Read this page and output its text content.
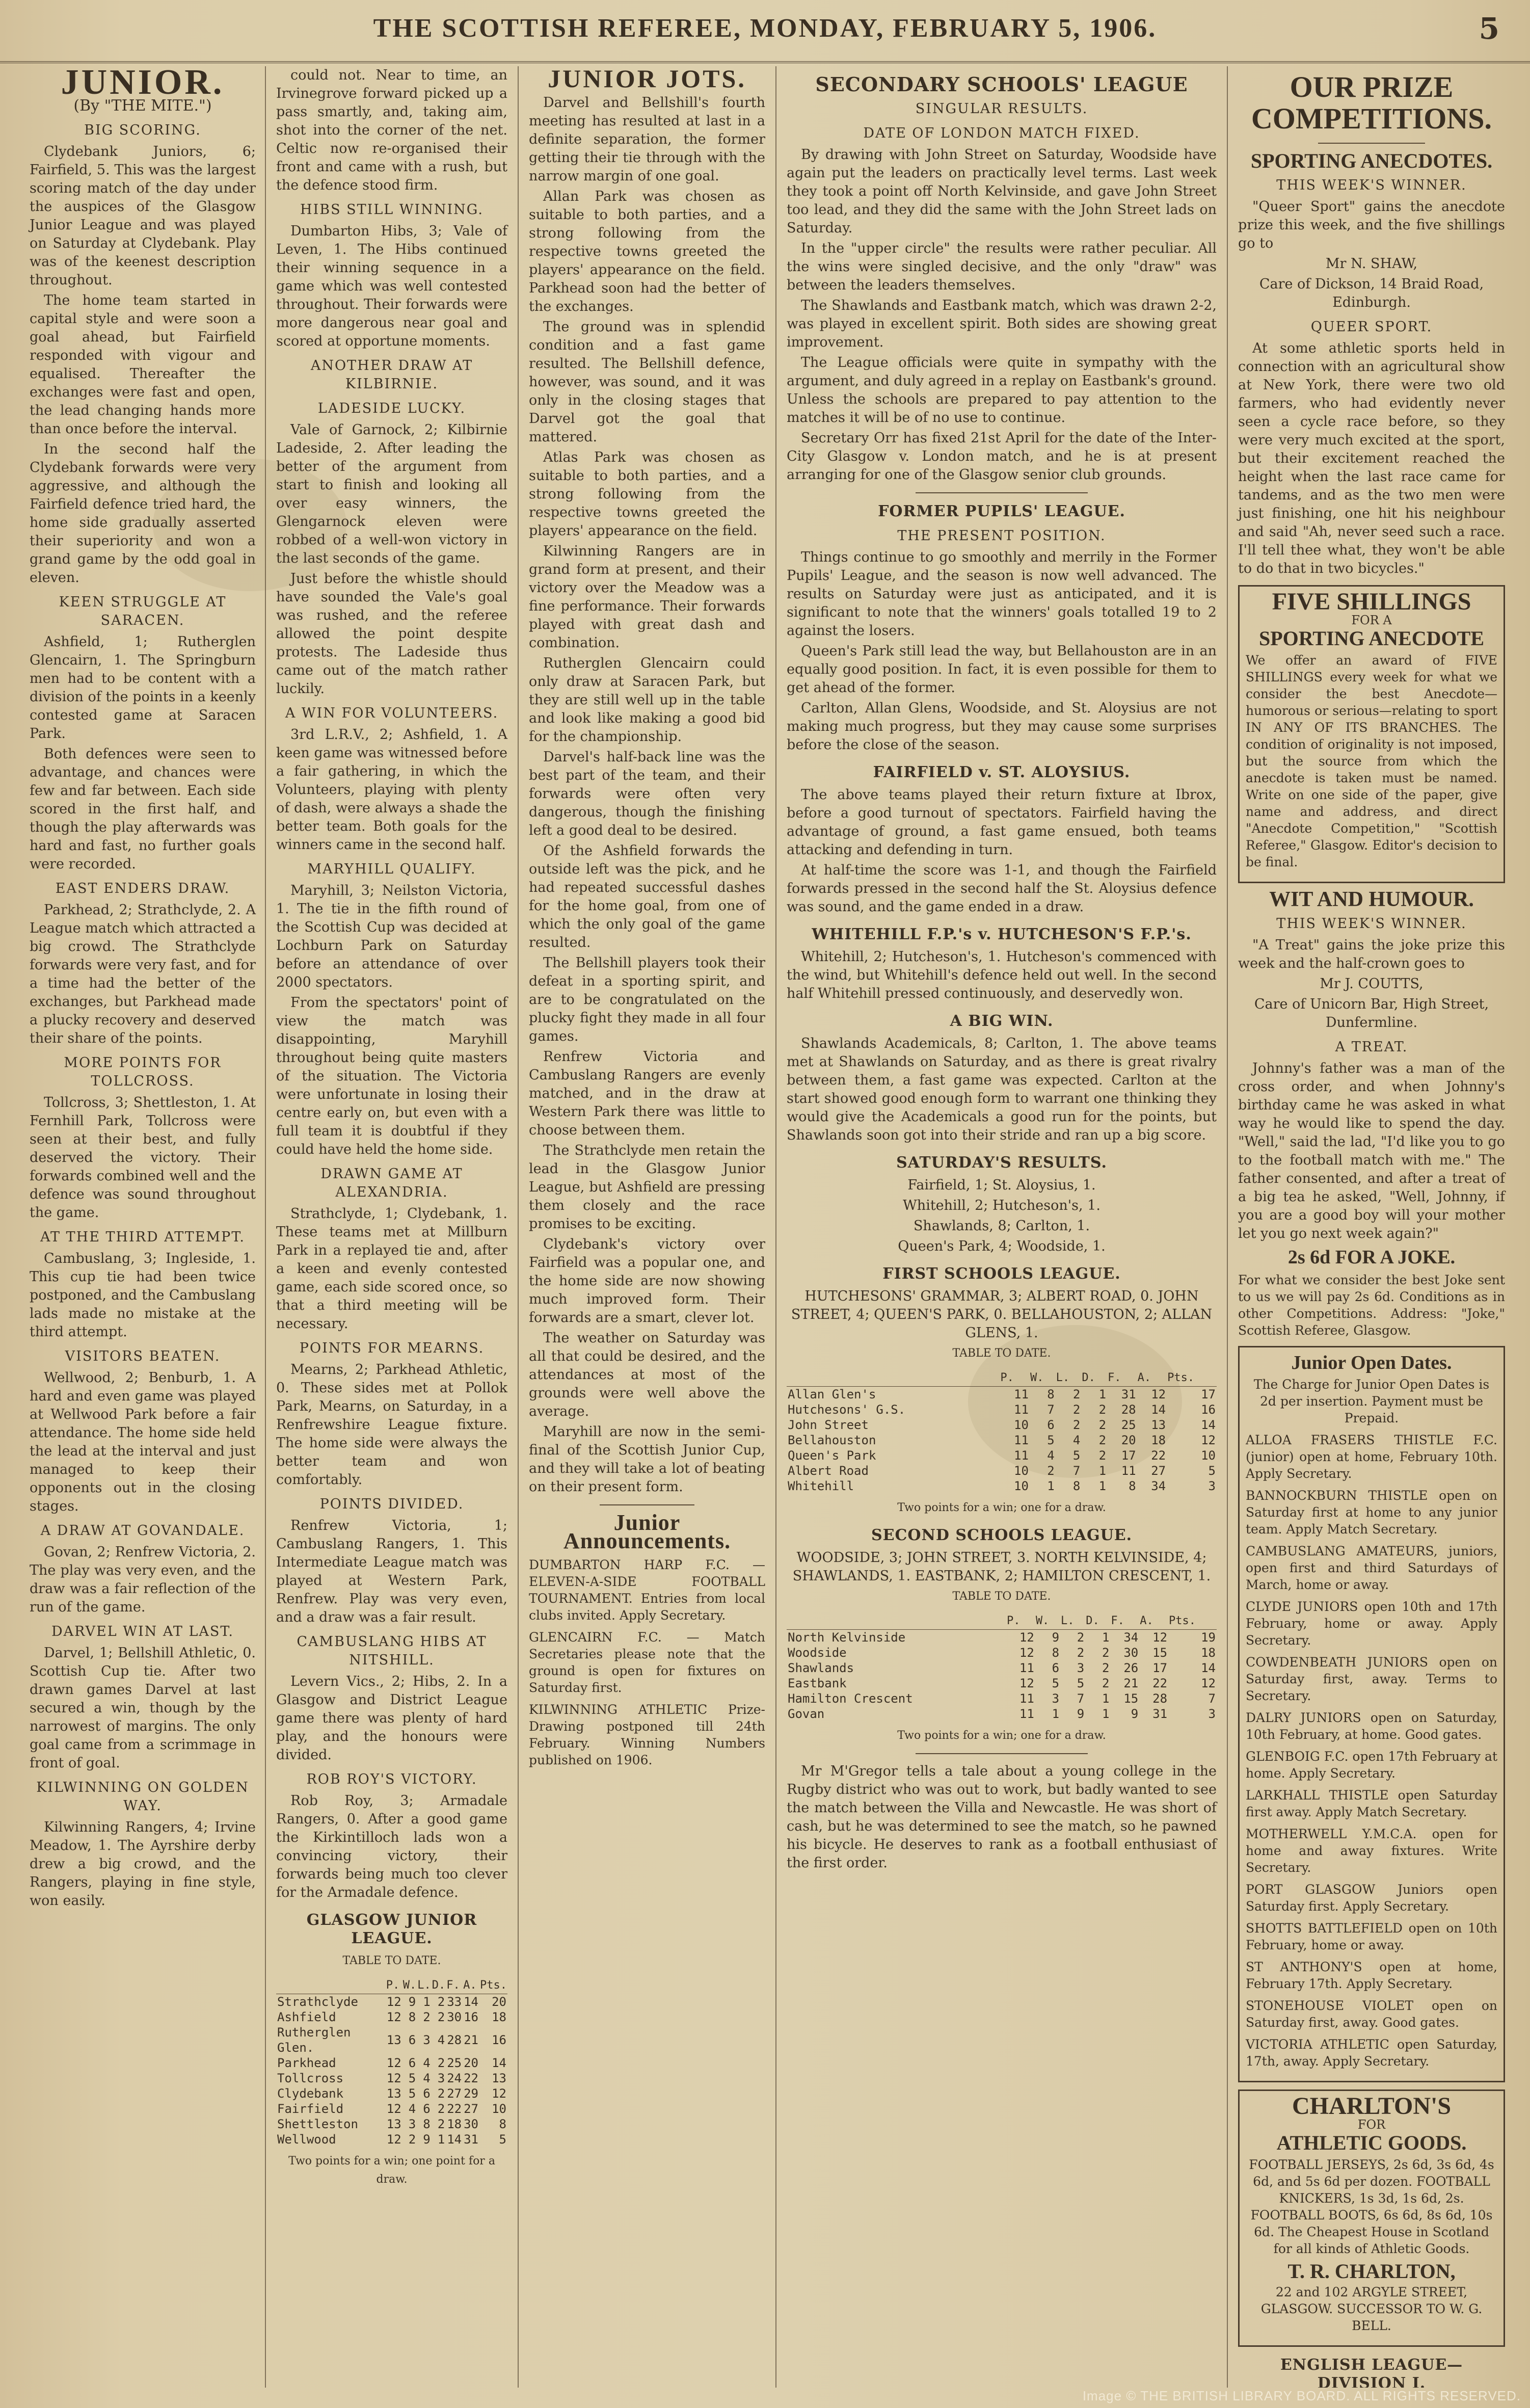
THE SCOTTISH REFEREE, MONDAY, FEBRUARY 5, 1906.	5
JUNIOR.
(By "THE MITE.")
BIG SCORING.

Clydebank Juniors, 6; Fairfield, 5. This was the largest scoring match of the day under the auspices of the Glasgow Junior League and was played on Saturday at Clydebank. Play was of the keenest description throughout.

The home team started in capital style and were soon a goal ahead, but Fairfield responded with vigour and equalised. Thereafter the exchanges were fast and open, the lead changing hands more than once before the interval.

In the second half the Clydebank forwards were very aggressive, and although the Fairfield defence tried hard, the home side gradually asserted their superiority and won a grand game by the odd goal in eleven.

KEEN STRUGGLE AT SARACEN.

Ashfield, 1; Rutherglen Glencairn, 1. The Springburn men had to be content with a division of the points in a keenly contested game at Saracen Park.

Both defences were seen to advantage, and chances were few and far between. Each side scored in the first half, and though the play afterwards was hard and fast, no further goals were recorded.

EAST ENDERS DRAW.

Parkhead, 2; Strathclyde, 2. A League match which attracted a big crowd. The Strathclyde forwards were very fast, and for a time had the better of the exchanges, but Parkhead made a plucky recovery and deserved their share of the points.

MORE POINTS FOR TOLLCROSS.

Tollcross, 3; Shettleston, 1. At Fernhill Park, Tollcross were seen at their best, and fully deserved the victory. Their forwards combined well and the defence was sound throughout the game.

AT THE THIRD ATTEMPT.

Cambuslang, 3; Ingleside, 1. This cup tie had been twice postponed, and the Cambuslang lads made no mistake at the third attempt.

VISITORS BEATEN.

Wellwood, 2; Benburb, 1. A hard and even game was played at Wellwood Park before a fair attendance. The home side held the lead at the interval and just managed to keep their opponents out in the closing stages.

A DRAW AT GOVANDALE.

Govan, 2; Renfrew Victoria, 2. The play was very even, and the draw was a fair reflection of the run of the game.

DARVEL WIN AT LAST.

Darvel, 1; Bellshill Athletic, 0. Scottish Cup tie. After two drawn games Darvel at last secured a win, though by the narrowest of margins. The only goal came from a scrimmage in front of goal.

KILWINNING ON GOLDEN WAY.

Kilwinning Rangers, 4; Irvine Meadow, 1. The Ayrshire derby drew a big crowd, and the Rangers, playing in fine style, won easily.

could not. Near to time, an Irvinegrove forward picked up a pass smartly, and, taking aim, shot into the corner of the net. Celtic now re-organised their front and came with a rush, but the defence stood firm.

HIBS STILL WINNING.

Dumbarton Hibs, 3; Vale of Leven, 1. The Hibs continued their winning sequence in a game which was well contested throughout. Their forwards were more dangerous near goal and scored at opportune moments.

ANOTHER DRAW AT KILBIRNIE.
LADESIDE LUCKY.

Vale of Garnock, 2; Kilbirnie Ladeside, 2. After leading the better of the argument from start to finish and looking all over easy winners, the Glengarnock eleven were robbed of a well-won victory in the last seconds of the game.

Just before the whistle should have sounded the Vale's goal was rushed, and the referee allowed the point despite protests. The Ladeside thus came out of the match rather luckily.

A WIN FOR VOLUNTEERS.

3rd L.R.V., 2; Ashfield, 1. A keen game was witnessed before a fair gathering, in which the Volunteers, playing with plenty of dash, were always a shade the better team. Both goals for the winners came in the second half.

MARYHILL QUALIFY.

Maryhill, 3; Neilston Victoria, 1. The tie in the fifth round of the Scottish Cup was decided at Lochburn Park on Saturday before an attendance of over 2000 spectators.

From the spectators' point of view the match was disappointing, Maryhill throughout being quite masters of the situation. The Victoria were unfortunate in losing their centre early on, but even with a full team it is doubtful if they could have held the home side.

DRAWN GAME AT ALEXANDRIA.

Strathclyde, 1; Clydebank, 1. These teams met at Millburn Park in a replayed tie and, after a keen and evenly contested game, each side scored once, so that a third meeting will be necessary.

POINTS FOR MEARNS.

Mearns, 2; Parkhead Athletic, 0. These sides met at Pollok Park, Mearns, on Saturday, in a Renfrewshire League fixture. The home side were always the better team and won comfortably.

POINTS DIVIDED.

Renfrew Victoria, 1; Cambuslang Rangers, 1. This Intermediate League match was played at Western Park, Renfrew. Play was very even, and a draw was a fair result.

CAMBUSLANG HIBS AT NITSHILL.

Levern Vics., 2; Hibs, 2. In a Glasgow and District League game there was plenty of hard play, and the honours were divided.

ROB ROY'S VICTORY.

Rob Roy, 3; Armadale Rangers, 0. After a good game the Kirkintilloch lads won a convincing victory, their forwards being much too clever for the Armadale defence.

GLASGOW JUNIOR LEAGUE.
TABLE TO DATE.
	P.	W.	L.	D.	F.	A.	Pts.
Strathclyde	12	9	1	2	33	14	20
Ashfield	12	8	2	2	30	16	18
Rutherglen Glen.	13	6	3	4	28	21	16
Parkhead	12	6	4	2	25	20	14
Tollcross	12	5	4	3	24	22	13
Clydebank	13	5	6	2	27	29	12
Fairfield	12	4	6	2	22	27	10
Shettleston	13	3	8	2	18	30	8
Wellwood	12	2	9	1	14	31	5
Two points for a win; one point for a draw.
JUNIOR JOTS.

Darvel and Bellshill's fourth meeting has resulted at last in a definite separation, the former getting their tie through with the narrow margin of one goal.

Allan Park was chosen as suitable to both parties, and a strong following from the respective towns greeted the players' appearance on the field. Parkhead soon had the better of the exchanges.

The ground was in splendid condition and a fast game resulted. The Bellshill defence, however, was sound, and it was only in the closing stages that Darvel got the goal that mattered.

Atlas Park was chosen as suitable to both parties, and a strong following from the respective towns greeted the players' appearance on the field.

Kilwinning Rangers are in grand form at present, and their victory over the Meadow was a fine performance. Their forwards played with great dash and combination.

Rutherglen Glencairn could only draw at Saracen Park, but they are still well up in the table and look like making a good bid for the championship.

Darvel's half-back line was the best part of the team, and their forwards were often very dangerous, though the finishing left a good deal to be desired.

Of the Ashfield forwards the outside left was the pick, and he had repeated successful dashes for the home goal, from one of which the only goal of the game resulted.

The Bellshill players took their defeat in a sporting spirit, and are to be congratulated on the plucky fight they made in all four games.

Renfrew Victoria and Cambuslang Rangers are evenly matched, and in the draw at Western Park there was little to choose between them.

The Strathclyde men retain the lead in the Glasgow Junior League, but Ashfield are pressing them closely and the race promises to be exciting.

Clydebank's victory over Fairfield was a popular one, and the home side are now showing much improved form. Their forwards are a smart, clever lot.

The weather on Saturday was all that could be desired, and the attendances at most of the grounds were well above the average.

Maryhill are now in the semi-final of the Scottish Junior Cup, and they will take a lot of beating on their present form.

Junior Announcements.

DUMBARTON HARP F.C. — ELEVEN-A-SIDE FOOTBALL TOURNAMENT. Entries from local clubs invited. Apply Secretary.

GLENCAIRN F.C. — Match Secretaries please note that the ground is open for fixtures on Saturday first.

KILWINNING ATHLETIC Prize-Drawing postponed till 24th February. Winning Numbers published on 1906.

SECONDARY SCHOOLS' LEAGUE
SINGULAR RESULTS.
DATE OF LONDON MATCH FIXED.

By drawing with John Street on Saturday, Woodside have again put the leaders on practically level terms. Last week they took a point off North Kelvinside, and gave John Street too lead, and they did the same with the John Street lads on Saturday.

In the "upper circle" the results were rather peculiar. All the wins were singled decisive, and the only "draw" was between the leaders themselves.

The Shawlands and Eastbank match, which was drawn 2-2, was played in excellent spirit. Both sides are showing great improvement.

The League officials were quite in sympathy with the argument, and duly agreed in a replay on Eastbank's ground. Unless the schools are prepared to pay attention to the matches it will be of no use to continue.

Secretary Orr has fixed 21st April for the date of the Inter-City Glasgow v. London match, and he is at present arranging for one of the Glasgow senior club grounds.

FORMER PUPILS' LEAGUE.
THE PRESENT POSITION.

Things continue to go smoothly and merrily in the Former Pupils' League, and the season is now well advanced. The results on Saturday were just as anticipated, and it is significant to note that the winners' goals totalled 19 to 2 against the losers.

Queen's Park still lead the way, but Bellahouston are in an equally good position. In fact, it is even possible for them to get ahead of the former.

Carlton, Allan Glens, Woodside, and St. Aloysius are not making much progress, but they may cause some surprises before the close of the season.

FAIRFIELD v. ST. ALOYSIUS.

The above teams played their return fixture at Ibrox, before a good turnout of spectators. Fairfield having the advantage of ground, a fast game ensued, both teams attacking and defending in turn.

At half-time the score was 1-1, and though the Fairfield forwards pressed in the second half the St. Aloysius defence was sound, and the game ended in a draw.

WHITEHILL F.P.'s v. HUTCHESON'S F.P.'s.

Whitehill, 2; Hutcheson's, 1. Hutcheson's commenced with the wind, but Whitehill's defence held out well. In the second half Whitehill pressed continuously, and deservedly won.

A BIG WIN.

Shawlands Academicals, 8; Carlton, 1. The above teams met at Shawlands on Saturday, and as there is great rivalry between them, a fast game was expected. Carlton at the start showed good enough form to warrant one thinking they would give the Academicals a good run for the points, but Shawlands soon got into their stride and ran up a big score.

SATURDAY'S RESULTS.

Fairfield, 1; St. Aloysius, 1.

Whitehill, 2; Hutcheson's, 1.

Shawlands, 8; Carlton, 1.

Queen's Park, 4; Woodside, 1.

FIRST SCHOOLS LEAGUE.

HUTCHESONS' GRAMMAR, 3; ALBERT ROAD, 0. JOHN STREET, 4; QUEEN'S PARK, 0. BELLAHOUSTON, 2; ALLAN GLENS, 1.

TABLE TO DATE.
	P.	W.	L.	D.	F.	A.	Pts.
Allan Glen's	11	8	2	1	31	12	17
Hutchesons' G.S.	11	7	2	2	28	14	16
John Street	10	6	2	2	25	13	14
Bellahouston	11	5	4	2	20	18	12
Queen's Park	11	4	5	2	17	22	10
Albert Road	10	2	7	1	11	27	5
Whitehill	10	1	8	1	8	34	3
Two points for a win; one for a draw.
SECOND SCHOOLS LEAGUE.

WOODSIDE, 3; JOHN STREET, 3. NORTH KELVINSIDE, 4; SHAWLANDS, 1. EASTBANK, 2; HAMILTON CRESCENT, 1.

TABLE TO DATE.
	P.	W.	L.	D.	F.	A.	Pts.
North Kelvinside	12	9	2	1	34	12	19
Woodside	12	8	2	2	30	15	18
Shawlands	11	6	3	2	26	17	14
Eastbank	12	5	5	2	21	22	12
Hamilton Crescent	11	3	7	1	15	28	7
Govan	11	1	9	1	9	31	3
Two points for a win; one for a draw.

Mr M'Gregor tells a tale about a young college in the Rugby district who was out to work, but badly wanted to see the match between the Villa and Newcastle. He was short of cash, but he was determined to see the match, so he pawned his bicycle. He deserves to rank as a football enthusiast of the first order.

OUR PRIZE COMPETITIONS.
SPORTING ANECDOTES.
THIS WEEK'S WINNER.

"Queer Sport" gains the anecdote prize this week, and the five shillings go to

Mr N. SHAW,

Care of Dickson, 14 Braid Road, Edinburgh.

QUEER SPORT.

At some athletic sports held in connection with an agricultural show at New York, there were two old farmers, who had evidently never seen a cycle race before, so they were very much excited at the sport, but their excitement reached the height when the last race came for tandems, and as the two men were just finishing, one hit his neighbour and said "Ah, never seed such a race. I'll tell thee what, they won't be able to do that in two bicycles."

FIVE SHILLINGS
FOR A
SPORTING ANECDOTE

We offer an award of FIVE SHILLINGS every week for what we consider the best Anecdote—humorous or serious—relating to sport IN ANY OF ITS BRANCHES. The condition of originality is not imposed, but the source from which the anecdote is taken must be named. Write on one side of the paper, give name and address, and direct "Anecdote Competition," "Scottish Referee," Glasgow. Editor's decision to be final.

WIT AND HUMOUR.
THIS WEEK'S WINNER.

"A Treat" gains the joke prize this week and the half-crown goes to

Mr J. COUTTS,

Care of Unicorn Bar, High Street, Dunfermline.

A TREAT.

Johnny's father was a man of the cross order, and when Johnny's birthday came he was asked in what way he would like to spend the day. "Well," said the lad, "I'd like you to go to the football match with me." The father consented, and after a treat of a big tea he asked, "Well, Johnny, if you are a good boy will your mother let you go next week again?"

2s 6d FOR A JOKE.

For what we consider the best Joke sent to us we will pay 2s 6d. Conditions as in other Competitions. Address: "Joke," Scottish Referee, Glasgow.

Junior Open Dates.

The Charge for Junior Open Dates is 2d per insertion. Payment must be Prepaid.

ALLOA FRASERS THISTLE F.C. (junior) open at home, February 10th. Apply Secretary.

BANNOCKBURN THISTLE open on Saturday first at home to any junior team. Apply Match Secretary.

CAMBUSLANG AMATEURS, juniors, open first and third Saturdays of March, home or away.

CLYDE JUNIORS open 10th and 17th February, home or away. Apply Secretary.

COWDENBEATH JUNIORS open on Saturday first, away. Terms to Secretary.

DALRY JUNIORS open on Saturday, 10th February, at home. Good gates.

GLENBOIG F.C. open 17th February at home. Apply Secretary.

LARKHALL THISTLE open Saturday first away. Apply Match Secretary.

MOTHERWELL Y.M.C.A. open for home and away fixtures. Write Secretary.

PORT GLASGOW Juniors open Saturday first. Apply Secretary.

SHOTTS BATTLEFIELD open on 10th February, home or away.

ST ANTHONY'S open at home, February 17th. Apply Secretary.

STONEHOUSE VIOLET open on Saturday first, away. Good gates.

VICTORIA ATHLETIC open Saturday, 17th, away. Apply Secretary.

CHARLTON'S
FOR
ATHLETIC GOODS.

FOOTBALL JERSEYS, 2s 6d, 3s 6d, 4s 6d, and 5s 6d per dozen. FOOTBALL KNICKERS, 1s 3d, 1s 6d, 2s. FOOTBALL BOOTS, 6s 6d, 8s 6d, 10s 6d. The Cheapest House in Scotland for all kinds of Athletic Goods.

T. R. CHARLTON,

22 and 102 ARGYLE STREET, GLASGOW. SUCCESSOR TO W. G. BELL.

ENGLISH LEAGUE—DIVISION I.

Image © THE BRITISH LIBRARY BOARD. ALL RIGHTS RESERVED.
